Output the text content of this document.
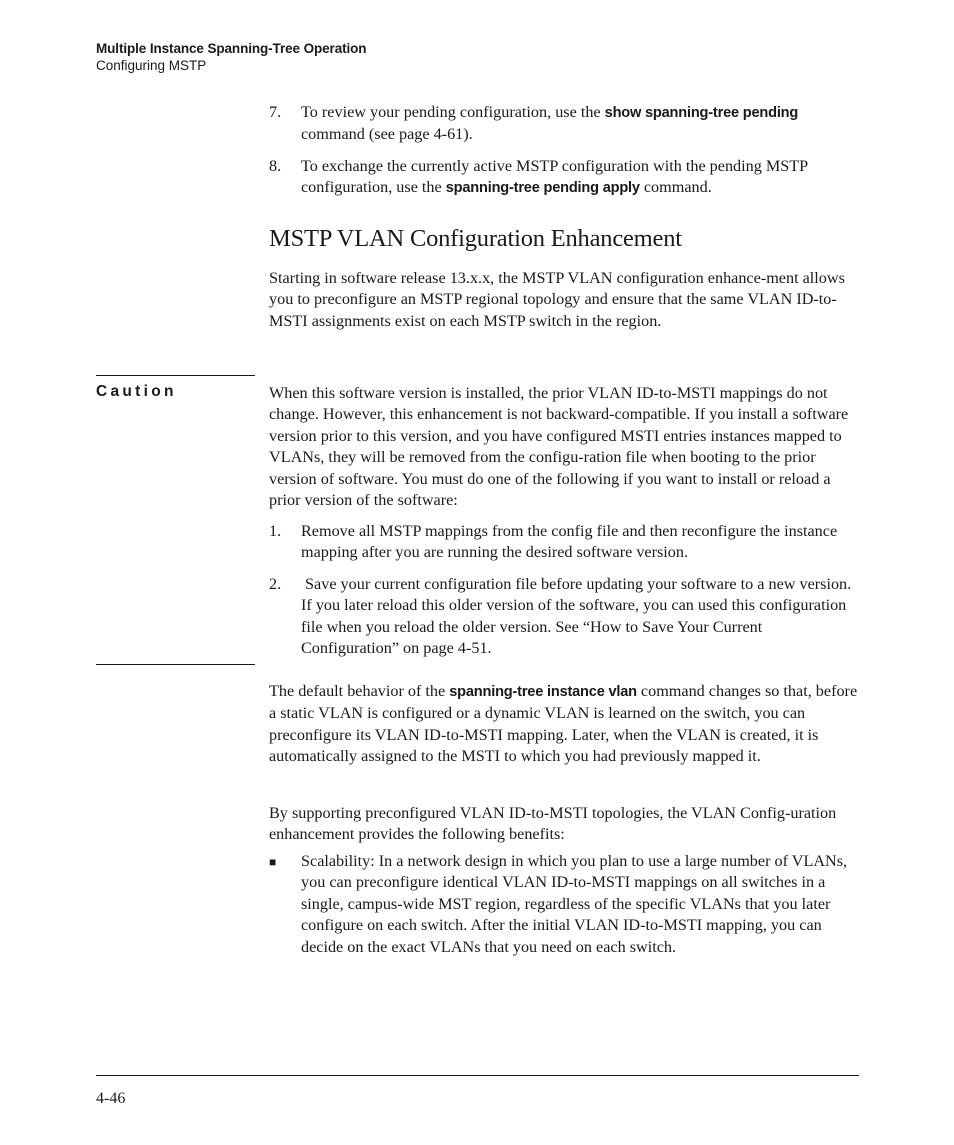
Multiple Instance Spanning-Tree Operation
Configuring MSTP
7. To review your pending configuration, use the show spanning-tree pending command (see page 4-61).
8. To exchange the currently active MSTP configuration with the pending MSTP configuration, use the spanning-tree pending apply command.
MSTP VLAN Configuration Enhancement
Starting in software release 13.x.x, the MSTP VLAN configuration enhance-ment allows you to preconfigure an MSTP regional topology and ensure that the same VLAN ID-to-MSTI assignments exist on each MSTP switch in the region.
Caution	When this software version is installed, the prior VLAN ID-to-MSTI mappings do not change. However, this enhancement is not backward-compatible. If you install a software version prior to this version, and you have configured MSTI entries instances mapped to VLANs, they will be removed from the configu-ration file when booting to the prior version of software. You must do one of the following if you want to install or reload a prior version of the software:
1. Remove all MSTP mappings from the config file and then reconfigure the instance mapping after you are running the desired software version.
2. Save your current configuration file before updating your software to a new version. If you later reload this older version of the software, you can used this configuration file when you reload the older version. See “How to Save Your Current Configuration” on page 4-51.
The default behavior of the spanning-tree instance vlan command changes so that, before a static VLAN is configured or a dynamic VLAN is learned on the switch, you can preconfigure its VLAN ID-to-MSTI mapping. Later, when the VLAN is created, it is automatically assigned to the MSTI to which you had previously mapped it.
By supporting preconfigured VLAN ID-to-MSTI topologies, the VLAN Config-uration enhancement provides the following benefits:
■ Scalability: In a network design in which you plan to use a large number of VLANs, you can preconfigure identical VLAN ID-to-MSTI mappings on all switches in a single, campus-wide MST region, regardless of the specific VLANs that you later configure on each switch. After the initial VLAN ID-to-MSTI mapping, you can decide on the exact VLANs that you need on each switch.
4-46
